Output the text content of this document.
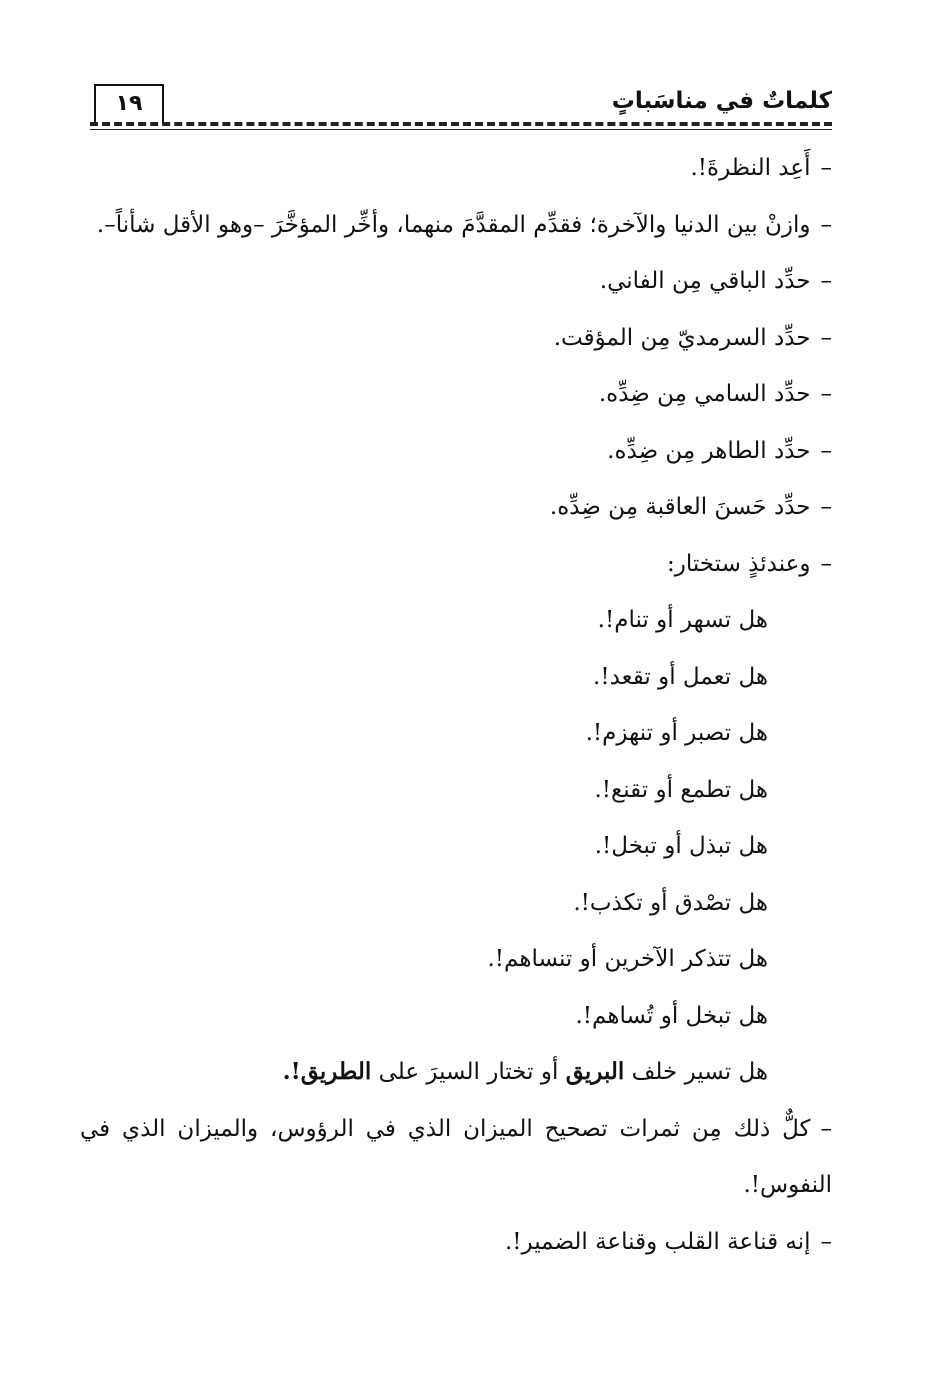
١٩	كلماتٌ في مناسَباتٍ
–أَعِد النظرةَ!.
–وازنْ بين الدنيا والآخرة؛ فقدِّم المقدَّمَ منهما، وأخِّر المؤخَّرَ –وهو الأقل شأناً–.
–حدِّد الباقي مِن الفاني.
–حدِّد السرمديّ مِن المؤقت.
–حدِّد السامي مِن ضِدِّه.
–حدِّد الطاهر مِن ضِدِّه.
–حدِّد حَسنَ العاقبة مِن ضِدِّه.
–وعندئذٍ ستختار:
هل تسهر أو تنام!.
هل تعمل أو تقعد!.
هل تصبر أو تنهزم!.
هل تطمع أو تقنع!.
هل تبذل أو تبخل!.
هل تصْدق أو تكذب!.
هل تتذكر الآخرين أو تنساهم!.
هل تبخل أو تُساهم!.
هل تسير خلف البريق أو تختار السيرَ على الطريق!.
–كلٌّ ذلك مِن ثمرات تصحيح الميزان الذي في الرؤوس، والميزان الذي في النفوس!.
–إنه قناعة القلب وقناعة الضمير!.
